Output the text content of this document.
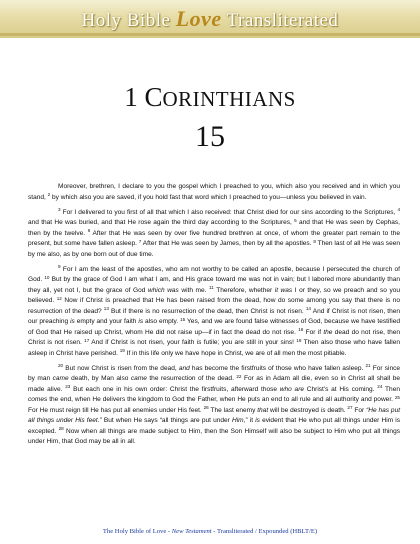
Holy Bible Love Transliterated
1 CORINTHIANS
15

Moreover, brethren, I declare to you the gospel which I preached to you, which also you received and in which you stand, $^2$ by which also you are saved, if you hold fast that word which I preached to you—unless you believed in vain.

$^3$ For I delivered to you first of all that which I also received: that Christ died for our sins according to the Scriptures, $^4$ and that He was buried, and that He rose again the third day according to the Scriptures, $^5$ and that He was seen by Cephas, then by the twelve. $^6$ After that He was seen by over five hundred brethren at once, of whom the greater part remain to the present, but some have fallen asleep. $^7$ After that He was seen by James, then by all the apostles. $^8$ Then last of all He was seen by me also, as by one born out of due time.

$^9$ For I am the least of the apostles, who am not worthy to be called an apostle, because I persecuted the church of God. $^{10}$ But by the grace of God I am what I am, and His grace toward me was not in vain; but I labored more abundantly than they all, yet not I, but the grace of God which was with me. $^{11}$ Therefore, whether it was I or they, so we preach and so you believed. $^{12}$ Now if Christ is preached that He has been raised from the dead, how do some among you say that there is no resurrection of the dead? $^{13}$ But if there is no resurrection of the dead, then Christ is not risen. $^{14}$ And if Christ is not risen, then our preaching is empty and your faith is also empty. $^{15}$ Yes, and we are found false witnesses of God, because we have testified of God that He raised up Christ, whom He did not raise up—if in fact the dead do not rise. $^{16}$ For if the dead do not rise, then Christ is not risen. $^{17}$ And if Christ is not risen, your faith is futile; you are still in your sins! $^{18}$ Then also those who have fallen asleep in Christ have perished. $^{19}$ If in this life only we have hope in Christ, we are of all men the most pitiable.

$^{20}$ But now Christ is risen from the dead, and has become the firstfruits of those who have fallen asleep. $^{21}$ For since by man came death, by Man also came the resurrection of the dead. $^{22}$ For as in Adam all die, even so in Christ all shall be made alive. $^{23}$ But each one in his own order: Christ the firstfruits, afterward those who are Christ's at His coming. $^{24}$ Then comes the end, when He delivers the kingdom to God the Father, when He puts an end to all rule and all authority and power. $^{25}$ For He must reign till He has put all enemies under His feet. $^{26}$ The last enemy that will be destroyed is death. $^{27}$ For “He has put all things under His feet.” But when He says “all things are put under Him,” it is evident that He who put all things under Him is excepted. $^{28}$ Now when all things are made subject to Him, then the Son Himself will also be subject to Him who put all things under Him, that God may be all in all.

The Holy Bible of Love - New Testament - Transliterated / Expounded (HBLT/E)
